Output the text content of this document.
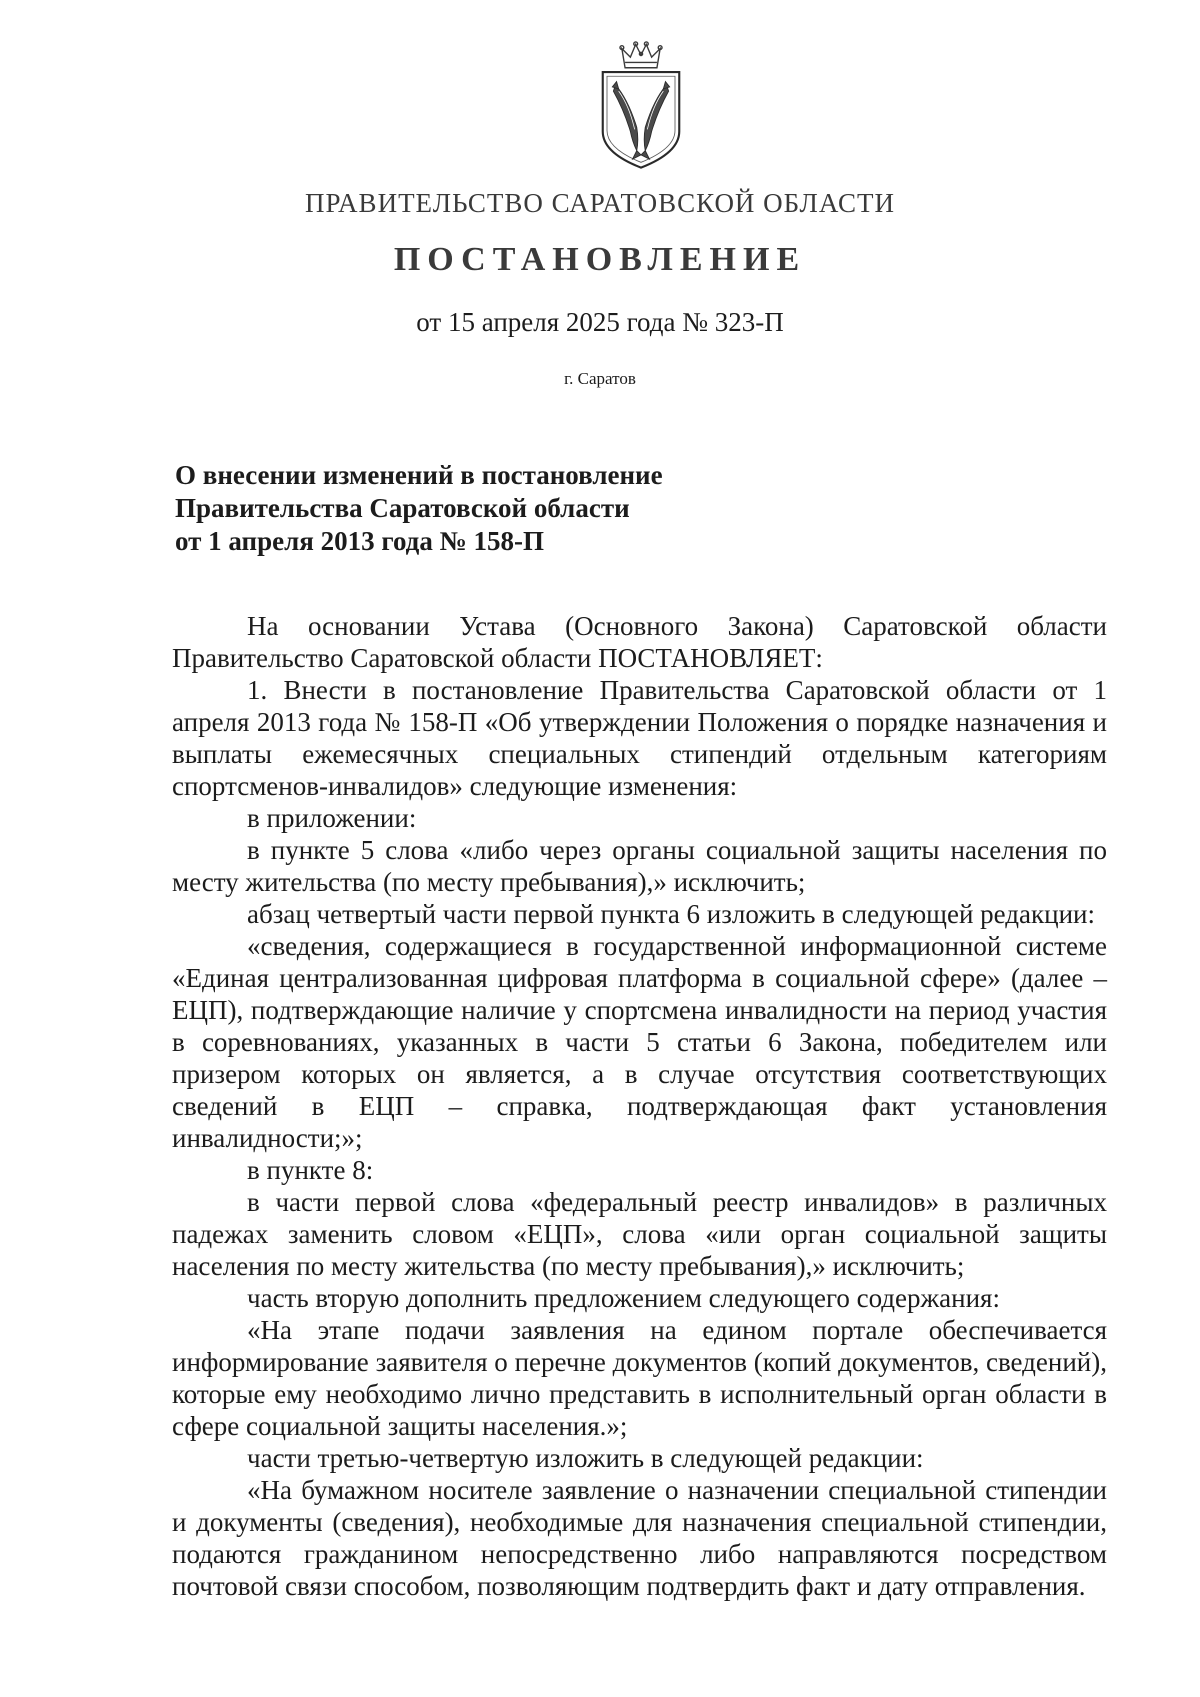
ПРАВИТЕЛЬСТВО САРАТОВСКОЙ ОБЛАСТИ
ПОСТАНОВЛЕНИЕ
от 15 апреля 2025 года № 323-П
г. Саратов
О внесении изменений в постановление
Правительства Саратовской области
от 1 апреля 2013 года № 158-П

На основании Устава (Основного Закона) Саратовской области Правительство Саратовской области ПОСТАНОВЛЯЕТ:

1. Внести в постановление Правительства Саратовской области от 1 апреля 2013 года № 158-П «Об утверждении Положения о порядке назначения и выплаты ежемесячных специальных стипендий отдельным категориям спортсменов-инвалидов» следующие изменения:

в приложении:

в пункте 5 слова «либо через органы социальной защиты населения по месту жительства (по месту пребывания),» исключить;

абзац четвертый части первой пункта 6 изложить в следующей редакции:

«сведения, содержащиеся в государственной информационной системе «Единая централизованная цифровая платформа в социальной сфере» (далее – ЕЦП), подтверждающие наличие у спортсмена инвалидности на период участия в соревнованиях, указанных в части 5 статьи 6 Закона, победителем или призером которых он является, а в случае отсутствия соответствующих сведений в ЕЦП – справка, подтверждающая факт установления инвалидности;»;

в пункте 8:

в части первой слова «федеральный реестр инвалидов» в различных падежах заменить словом «ЕЦП», слова «или орган социальной защиты населения по месту жительства (по месту пребывания),» исключить;

часть вторую дополнить предложением следующего содержания:

«На этапе подачи заявления на едином портале обеспечивается информирование заявителя о перечне документов (копий документов, сведений), которые ему необходимо лично представить в исполнительный орган области в сфере социальной защиты населения.»;

части третью-четвертую изложить в следующей редакции:

«На бумажном носителе заявление о назначении специальной стипендии и документы (сведения), необходимые для назначения специальной стипендии, подаются гражданином непосредственно либо направляются посредством почтовой связи способом, позволяющим подтвердить факт и дату отправления.
